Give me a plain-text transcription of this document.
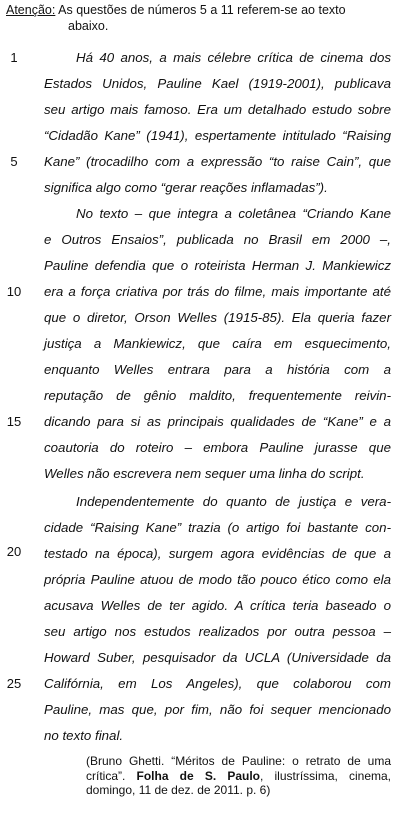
Atenção: As questões de números 5 a 11 referem-se ao texto
abaixo.
1
5
10
15
20
25
Há 40 anos, a mais célebre crítica de cinema dos
Estados Unidos, Pauline Kael (1919-2001), publicava
seu artigo mais famoso. Era um detalhado estudo sobre
“Cidadão Kane” (1941), espertamente intitulado “Raising
Kane” (trocadilho com a expressão “to raise Cain”, que
significa algo como “gerar reações inflamadas”).
No texto – que integra a coletânea “Criando Kane
e Outros Ensaios”, publicada no Brasil em 2000 –,
Pauline defendia que o roteirista Herman J. Mankiewicz
era a força criativa por trás do filme, mais importante até
que o diretor, Orson Welles (1915-85). Ela queria fazer
justiça a Mankiewicz, que caíra em esquecimento,
enquanto Welles entrara para a história com a
reputação de gênio maldito, frequentemente reivin-
dicando para si as principais qualidades de “Kane” e a
coautoria do roteiro – embora Pauline jurasse que
Welles não escrevera nem sequer uma linha do script.
Independentemente do quanto de justiça e vera-
cidade “Raising Kane” trazia (o artigo foi bastante con-
testado na época), surgem agora evidências de que a
própria Pauline atuou de modo tão pouco ético como ela
acusava Welles de ter agido. A crítica teria baseado o
seu artigo nos estudos realizados por outra pessoa –
Howard Suber, pesquisador da UCLA (Universidade da
Califórnia, em Los Angeles), que colaborou com
Pauline, mas que, por fim, não foi sequer mencionado
no texto final.
(Bruno Ghetti. “Méritos de Pauline: o retrato de uma crítica”. Folha de S. Paulo, ilustríssima, cinema, domingo, 11 de dez. de 2011. p. 6)
